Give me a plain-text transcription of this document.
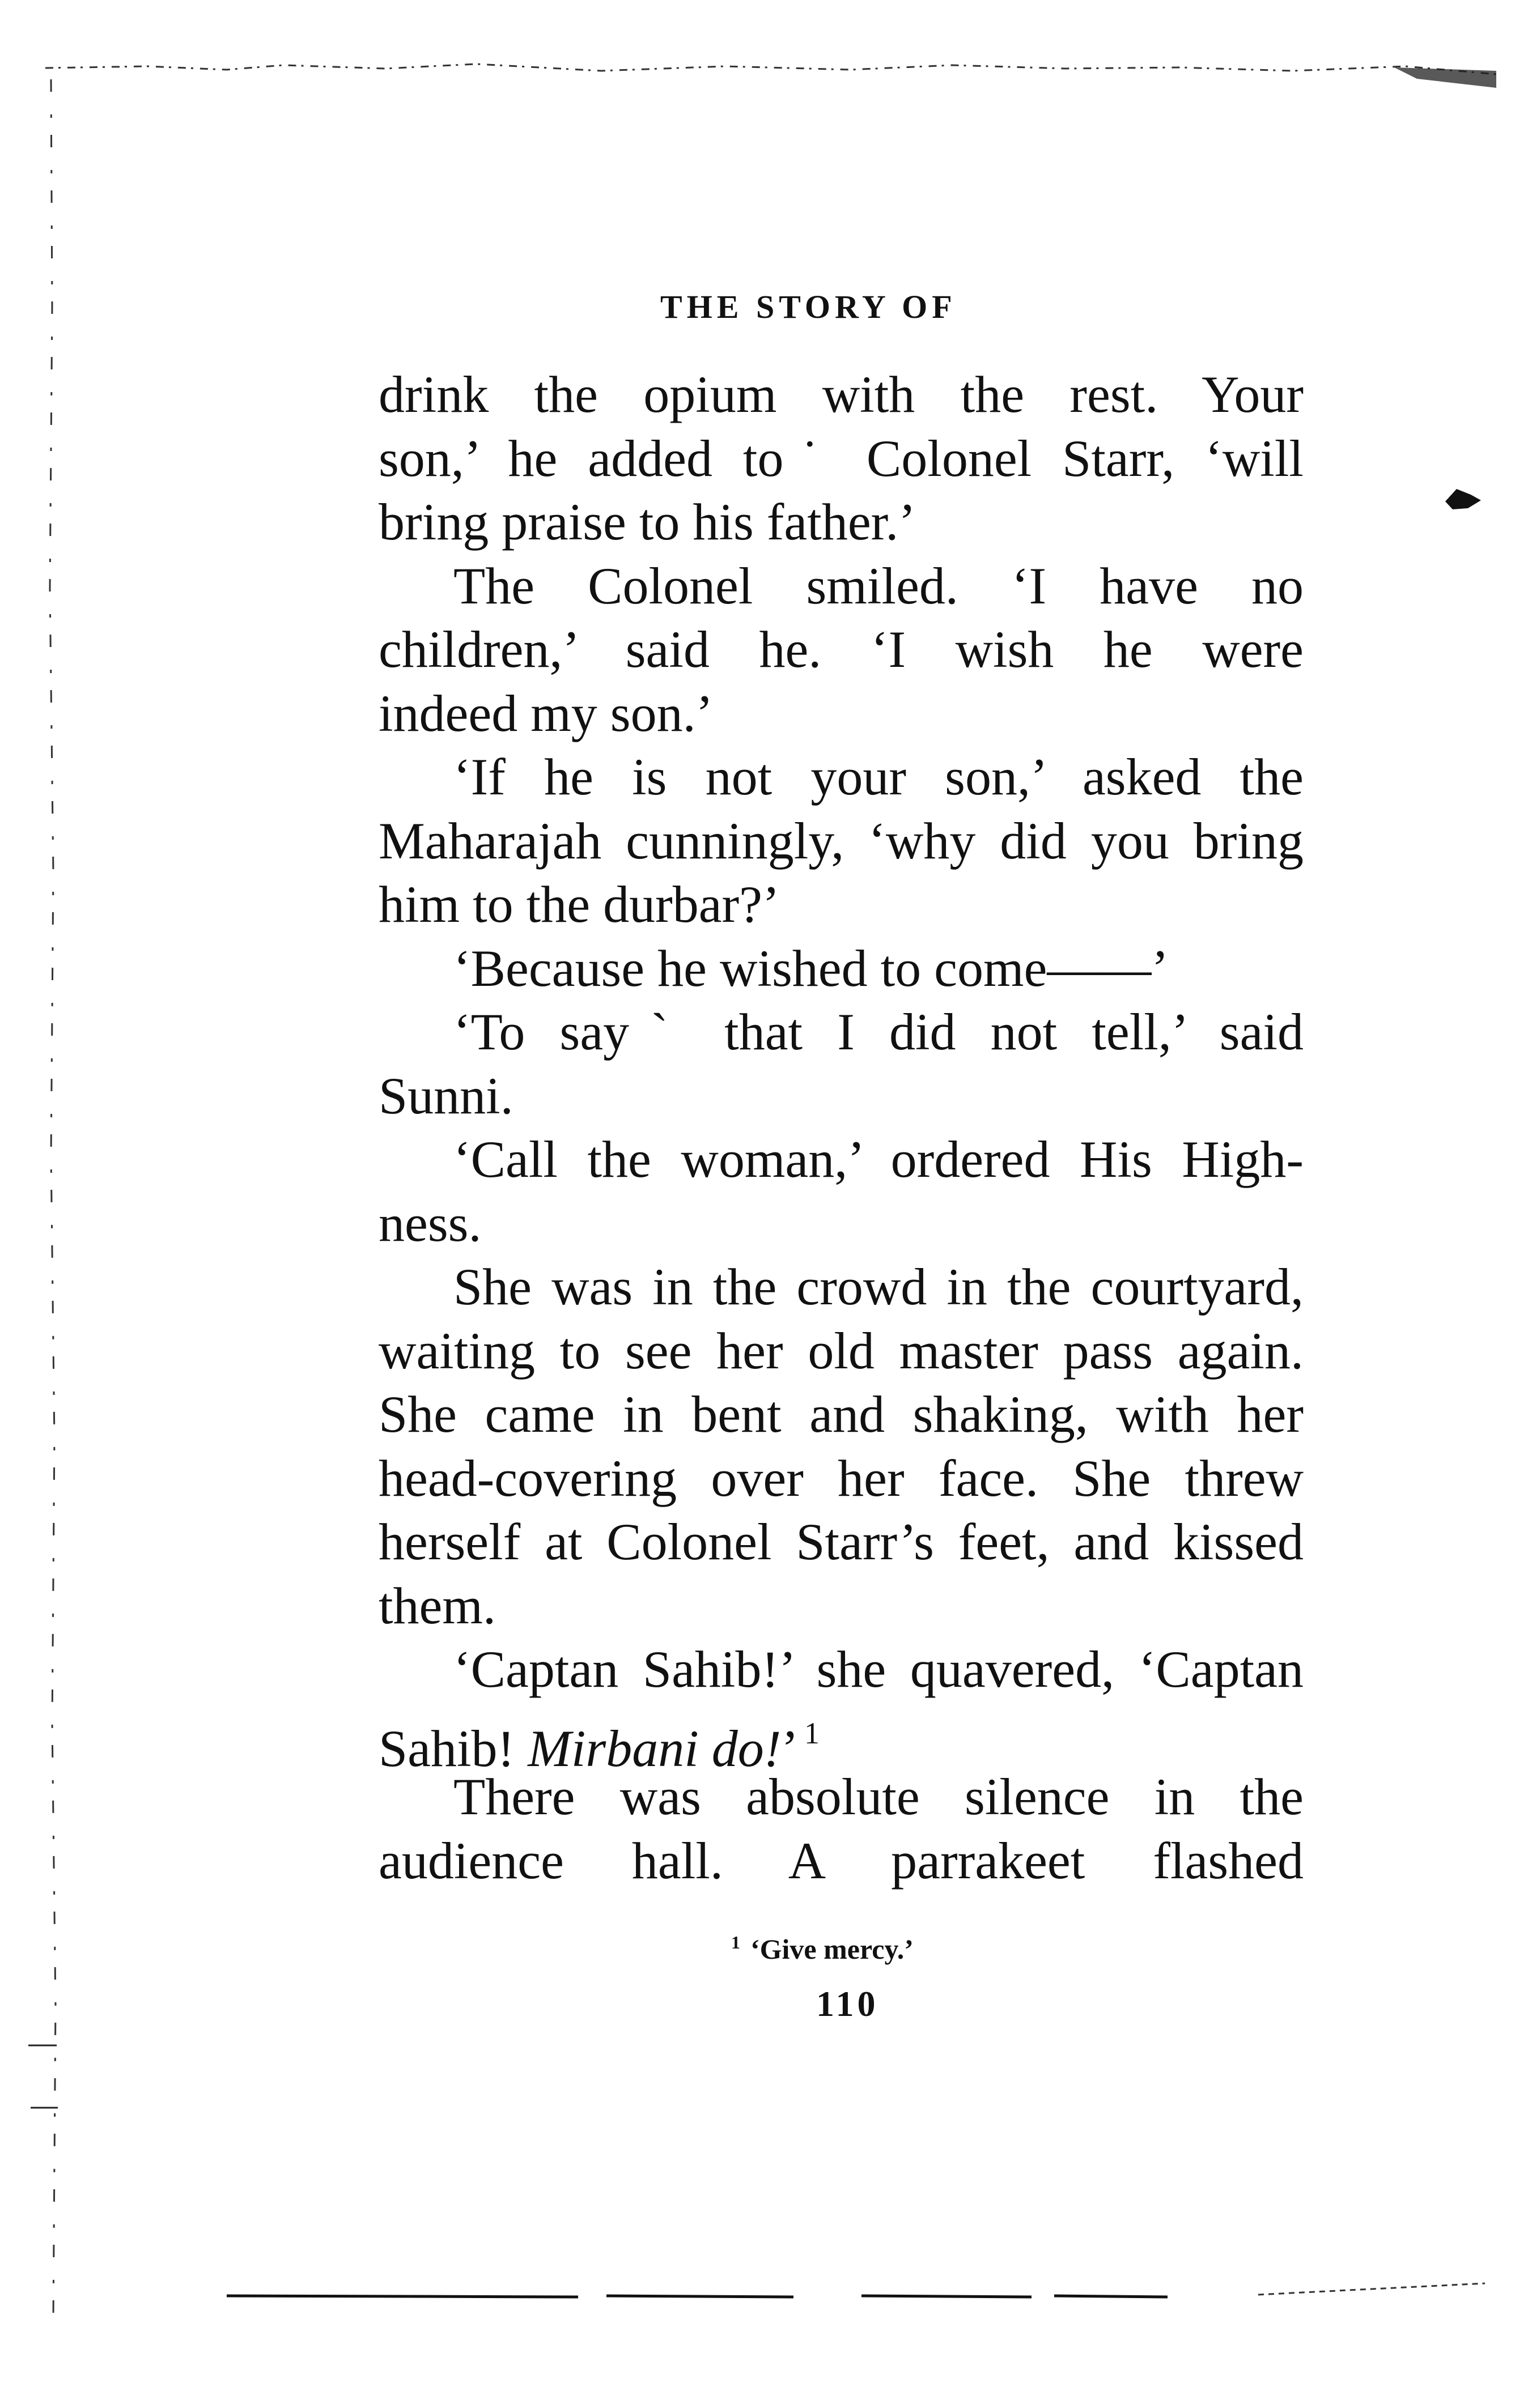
THE STORY OF
drink the opium with the rest. Your
son,’ he added to˙ Colonel Starr, ‘will
bring praise to his father.’
The Colonel smiled. ‘I have no
children,’ said he. ‘I wish he were
indeed my son.’
‘If he is not your son,’ asked the
Maharajah cunningly, ‘why did you bring
him to the durbar?’
‘Because he wished to come——’
‘To sayˋ that I did not tell,’ said
Sunni.
‘Call the woman,’ ordered His High-
ness.
She was in the crowd in the courtyard,
waiting to see her old master pass again.
She came in bent and shaking, with her
head-covering over her face. She threw
herself at Colonel Starr’s feet, and kissed
them.
‘Captan Sahib!’ she quavered, ‘Captan
Sahib! Mirbani do!’ $^1$
There was absolute silence in the
audience hall. A parrakeet flashed
$^1$ ‘Give mercy.’
110
